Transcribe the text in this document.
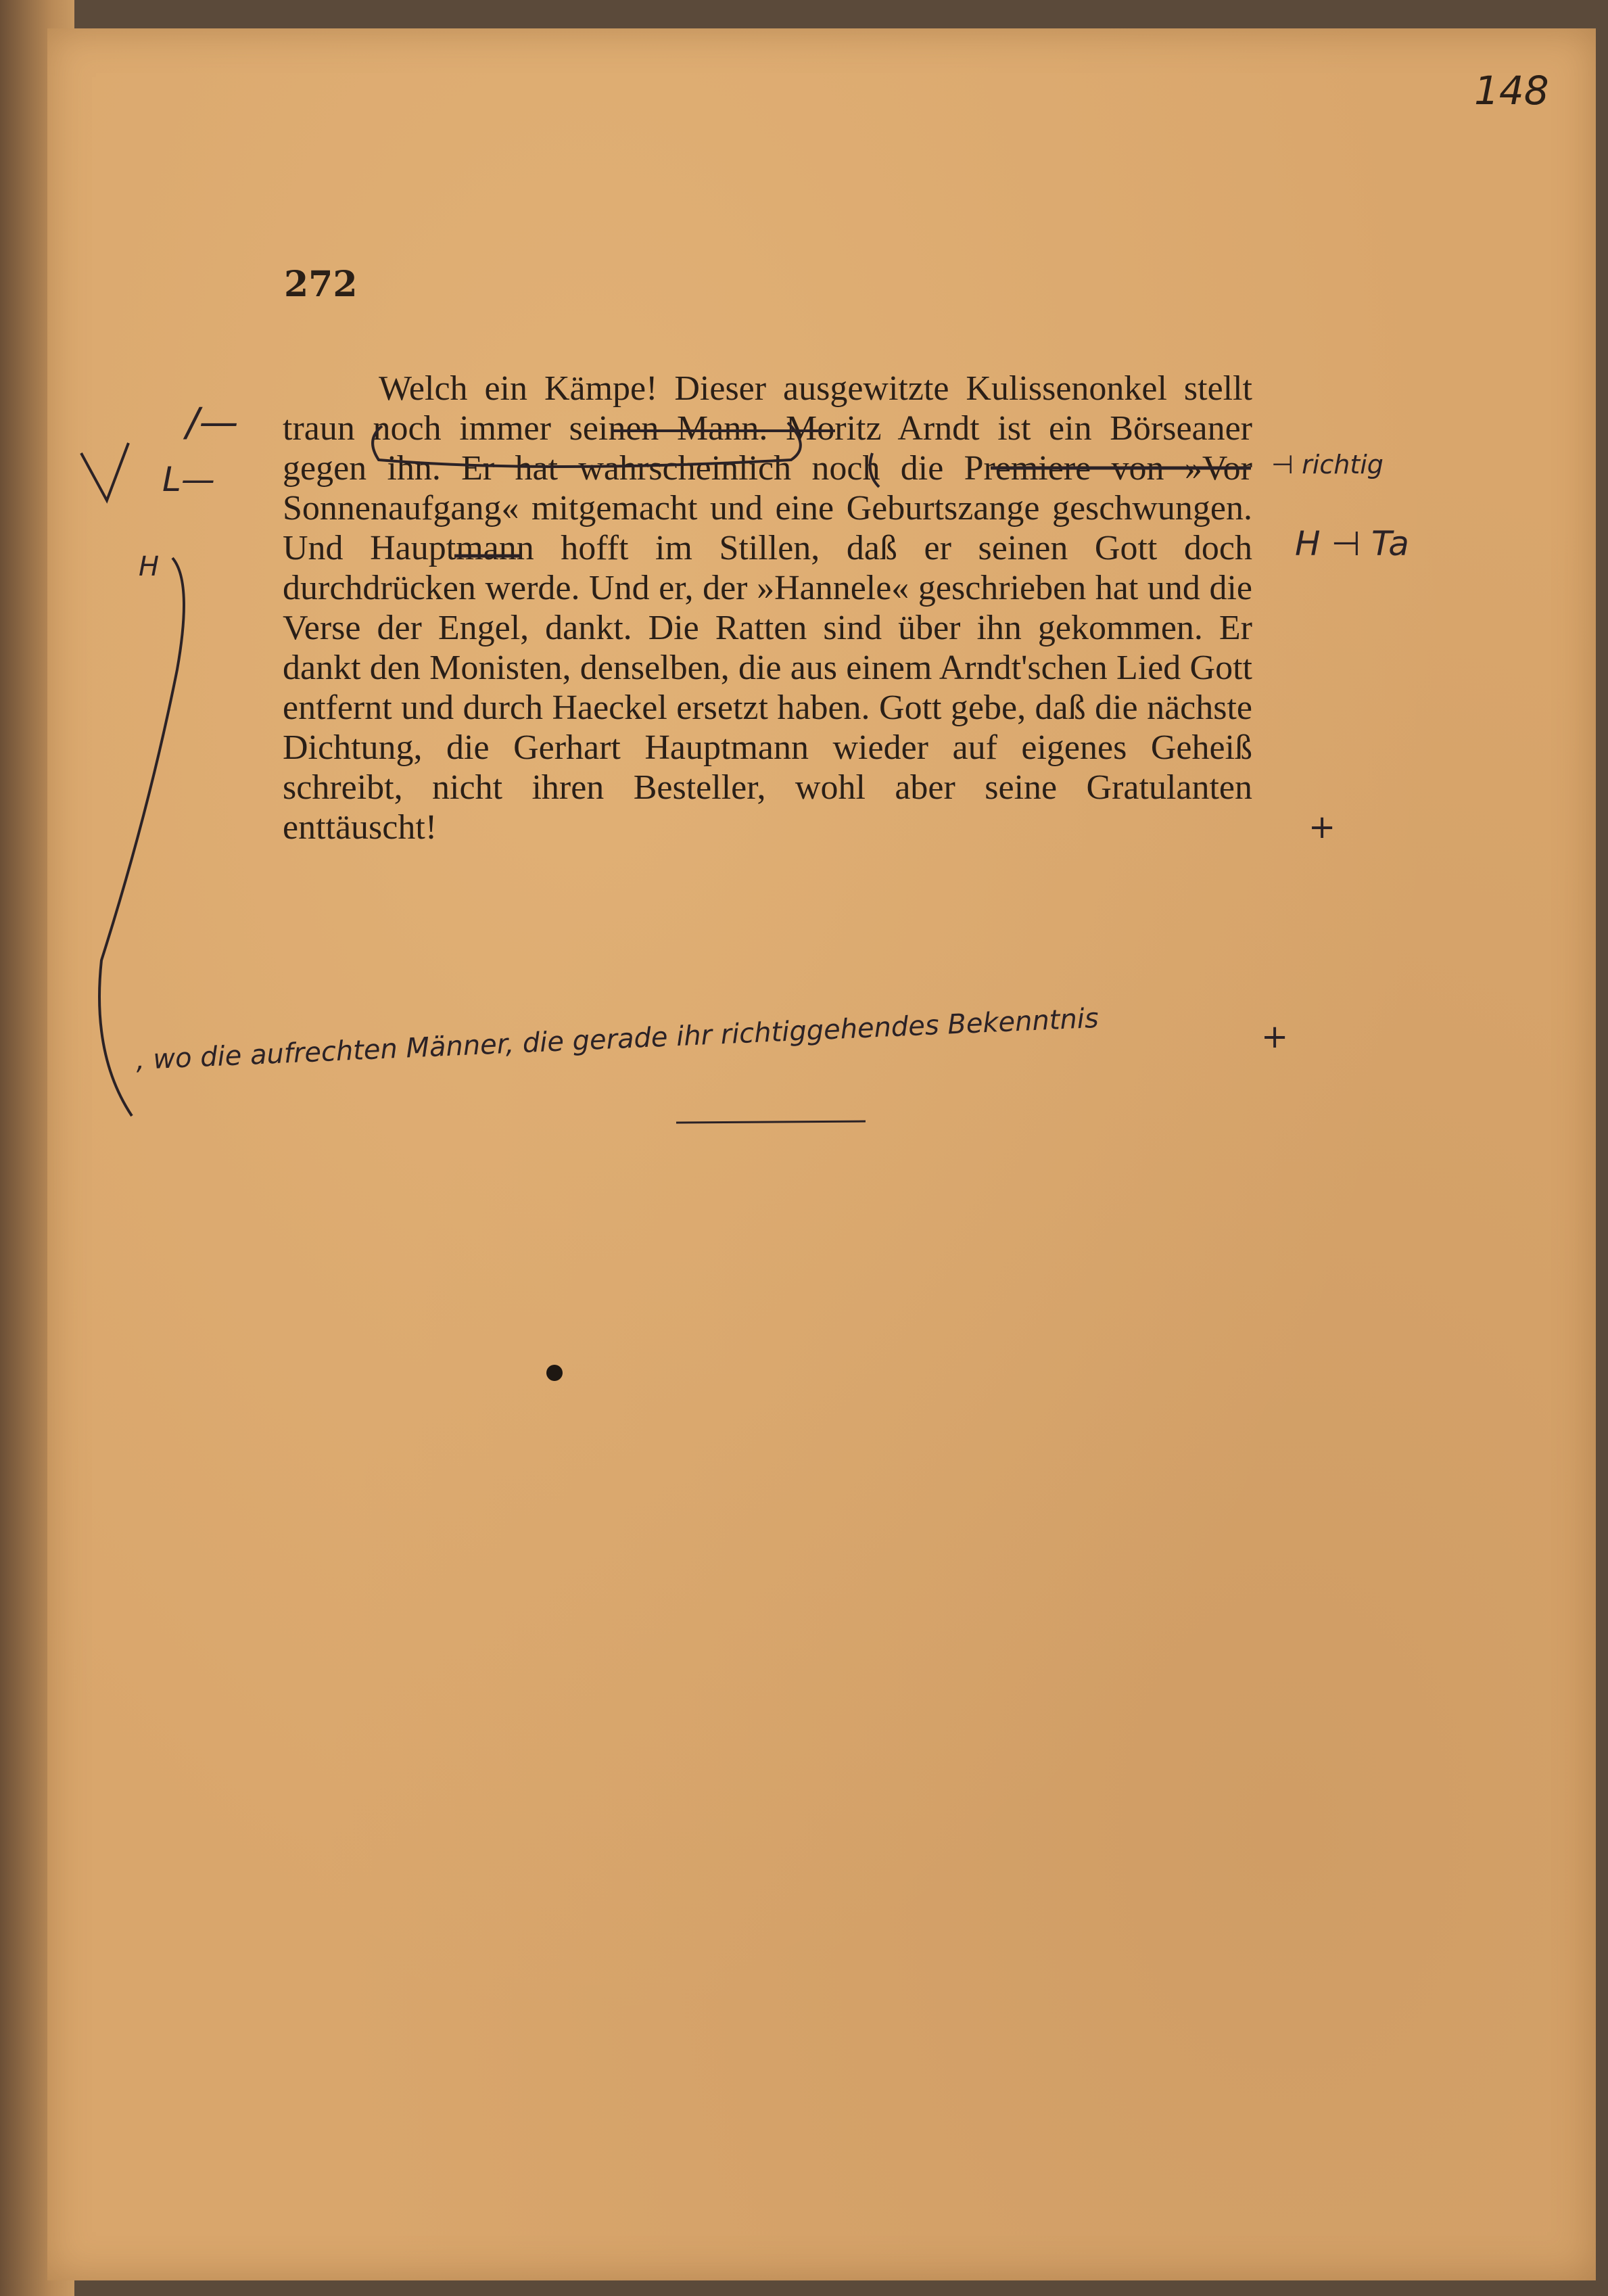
148
272

Welch ein Kämpe! Dieser ausgewitzte Kulissenonkel stellt traun noch immer seinen Mann. Moritz Arndt ist ein Börseaner gegen ihn. Er hat wahrscheinlich noch die Premiere von »Vor Sonnenaufgang« mitgemacht und eine Geburtszange geschwungen. Und Hauptmann hofft im Stillen, daß er seinen Gott doch durchdrücken werde. Und er, der »Hannele« geschrieben hat und die Verse der Engel, dankt. Die Ratten sind über ihn gekommen. Er dankt den Monisten, denselben, die aus einem Arndt'schen Lied Gott entfernt und durch Haeckel ersetzt haben. Gott gebe, daß die nächste Dichtung, die Gerhart Hauptmann wieder auf eigenes Geheiß schreibt, nicht ihren Besteller, wohl aber seine Gratulanten enttäuscht!

/—
L—
H
⊣ richtig
H ⊣ Ta
+
+
, wo die aufrechten Männer, die gerade ihr richtiggehendes Bekenntnis
